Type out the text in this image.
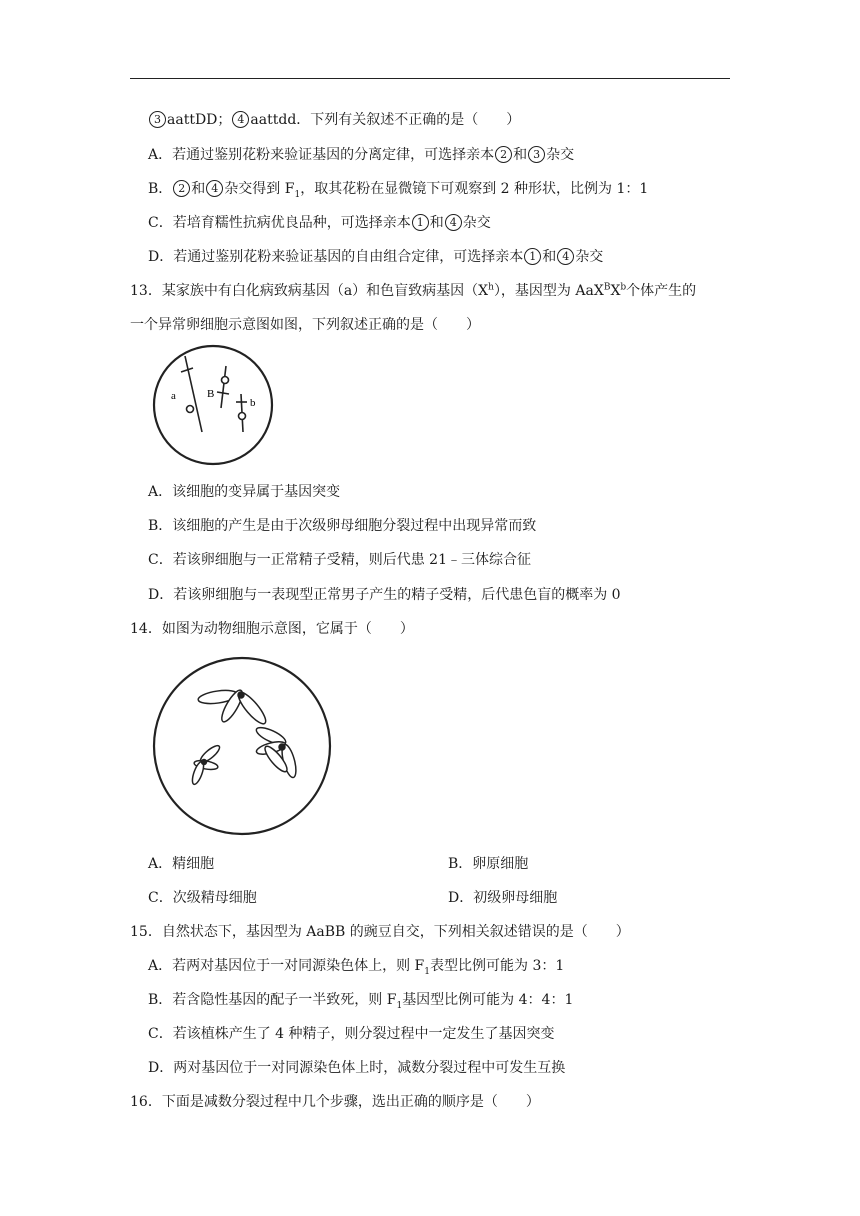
3 aattDD； 4 aattdd．下列有关叙述不正确的是（　　）
A．若通过鉴别花粉来验证基因的分离定律，可选择亲本 2 和 3 杂交
B． 2 和 4 杂交得到 $F_1$，取其花粉在显微镜下可观察到 2 种形状，比例为 1：1
C．若培育糯性抗病优良品种，可选择亲本 1 和 4 杂交
D．若通过鉴别花粉来验证基因的自由组合定律，可选择亲本 1 和 4 杂交
13．某家族中有白化病致病基因（a）和色盲致病基因$(X^h)$，基因型为 $AaX^BX^b$个体产生的
一个异常卵细胞示意图如图，下列叙述正确的是（　　）
a	B
b
A．该细胞的变异属于基因突变
B．该细胞的产生是由于次级卵母细胞分裂过程中出现异常而致
C．若该卵细胞与一正常精子受精，则后代患 21﹣三体综合征
D．若该卵细胞与一表现型正常男子产生的精子受精，后代患色盲的概率为 0
14．如图为动物细胞示意图，它属于（　　）
A．精细胞	B．卵原细胞
C．次级精母细胞	D．初级卵母细胞
15．自然状态下，基因型为 AaBB 的豌豆自交，下列相关叙述错误的是（　　）
A．若两对基因位于一对同源染色体上，则 $F_1$表型比例可能为 3：1
B．若含隐性基因的配子一半致死，则 $F_1$基因型比例可能为 4：4：1
C．若该植株产生了 4 种精子，则分裂过程中一定发生了基因突变
D．两对基因位于一对同源染色体上时，减数分裂过程中可发生互换
16．下面是减数分裂过程中几个步骤，选出正确的顺序是（　　）
